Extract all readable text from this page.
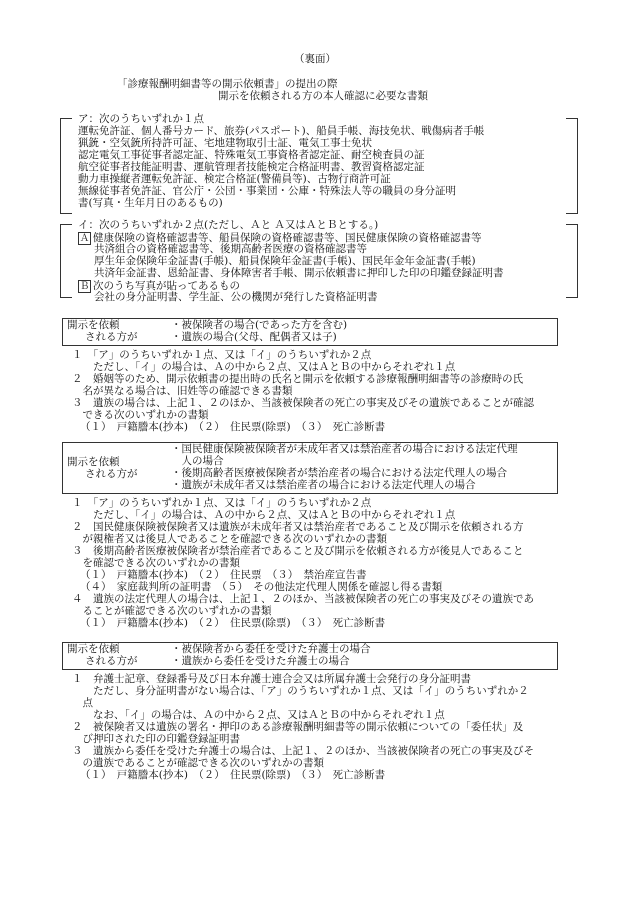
（裏面）
「診療報酬明細書等の開示依頼書」の提出の際
開示を依頼される方の本人確認に必要な書類
ア：次のうちいずれか１点
運転免許証、個人番号カード、旅券(パスポート)、船員手帳、海技免状、戦傷病者手帳
猟銃・空気銃所持許可証、宅地建物取引士証、電気工事士免状
認定電気工事従事者認定証、特殊電気工事資格者認定証、耐空検査員の証
航空従事者技能証明書、運航管理者技能検定合格証明書、教習資格認定証
動力車操縦者運転免許証、検定合格証(警備員等)、古物行商許可証
無線従事者免許証、官公庁・公団・事業団・公庫・特殊法人等の職員の身分証明
書(写真・生年月日のあるもの)
イ：次のうちいずれか２点(ただし、Ａと Ａ又はＡとＢとする。)
Ａ 健康保険の資格確認書等、船員保険の資格確認書等、国民健康保険の資格確認書等
共済組合の資格確認書等、後期高齢者医療の資格確認書等
厚生年金保険年金証書(手帳)、船員保険年金証書(手帳)、国民年金年金証書(手帳)
共済年金証書、恩給証書、身体障害者手帳、開示依頼書に押印した印の印鑑登録証明書
Ｂ 次のうち写真が貼ってあるもの
会社の身分証明書、学生証、公の機関が発行した資格証明書
開示を依頼
される方が
・被保険者の場合(であった方を含む)
・遺族の場合(父母、配偶者又は子)
１　「ア」のうちいずれか１点、又は「イ」のうちいずれか２点
　　ただし、「イ」の場合は、Ａの中から２点、又はＡとＢの中からそれぞれ１点
２　婚姻等のため、開示依頼書の提出時の氏名と開示を依頼する診療報酬明細書等の診療時の氏
　名が異なる場合は、旧姓等の確認できる書類
３　遺族の場合は、上記１、２のほか、当該被保険者の死亡の事実及びその遺族であることが確認
　できる次のいずれかの書類
（１）　戸籍謄本(抄本)　（２）　住民票(除票)　（３）　死亡診断書
開示を依頼
される方が
・国民健康保険被保険者が未成年者又は禁治産者の場合における法定代理
　人の場合
・後期高齢者医療被保険者が禁治産者の場合における法定代理人の場合
・遺族が未成年者又は禁治産者の場合における法定代理人の場合
１　「ア」のうちいずれか１点、又は「イ」のうちいずれか２点
　　ただし、「イ」の場合は、Ａの中から２点、又はＡとＢの中からそれぞれ１点
２　国民健康保険被保険者又は遺族が未成年者又は禁治産者であること及び開示を依頼される方
　が親権者又は後見人であることを確認できる次のいずれかの書類
３　後期高齢者医療被保険者が禁治産者であること及び開示を依頼される方が後見人であること
　を確認できる次のいずれかの書類
（１）　戸籍謄本(抄本)　（２）　住民票　（３）　禁治産宣告書
（４）　家庭裁判所の証明書　（５）　その他法定代理人関係を確認し得る書類
４　遺族の法定代理人の場合は、上記１、２のほか、当該被保険者の死亡の事実及びその遺族であ
　ることが確認できる次のいずれかの書類
（１）　戸籍謄本(抄本)　（２）　住民票(除票)　（３）　死亡診断書
開示を依頼
される方が
・被保険者から委任を受けた弁護士の場合
・遺族から委任を受けた弁護士の場合
１　弁護士記章、登録番号及び日本弁護士連合会又は所属弁護士会発行の身分証明書
　　ただし、身分証明書がない場合は、「ア」のうちいずれか１点、又は「イ」のうちいずれか２
　点
　　なお、「イ」の場合は、Ａの中から２点、又はＡとＢの中からそれぞれ１点
２　被保険者又は遺族の署名・押印のある診療報酬明細書等の開示依頼についての「委任状」及
　び押印された印の印鑑登録証明書
３　遺族から委任を受けた弁護士の場合は、上記１、２のほか、当該被保険者の死亡の事実及びそ
　の遺族であることが確認できる次のいずれかの書類
（１）　戸籍謄本(抄本)　（２）　住民票(除票)　（３）　死亡診断書
